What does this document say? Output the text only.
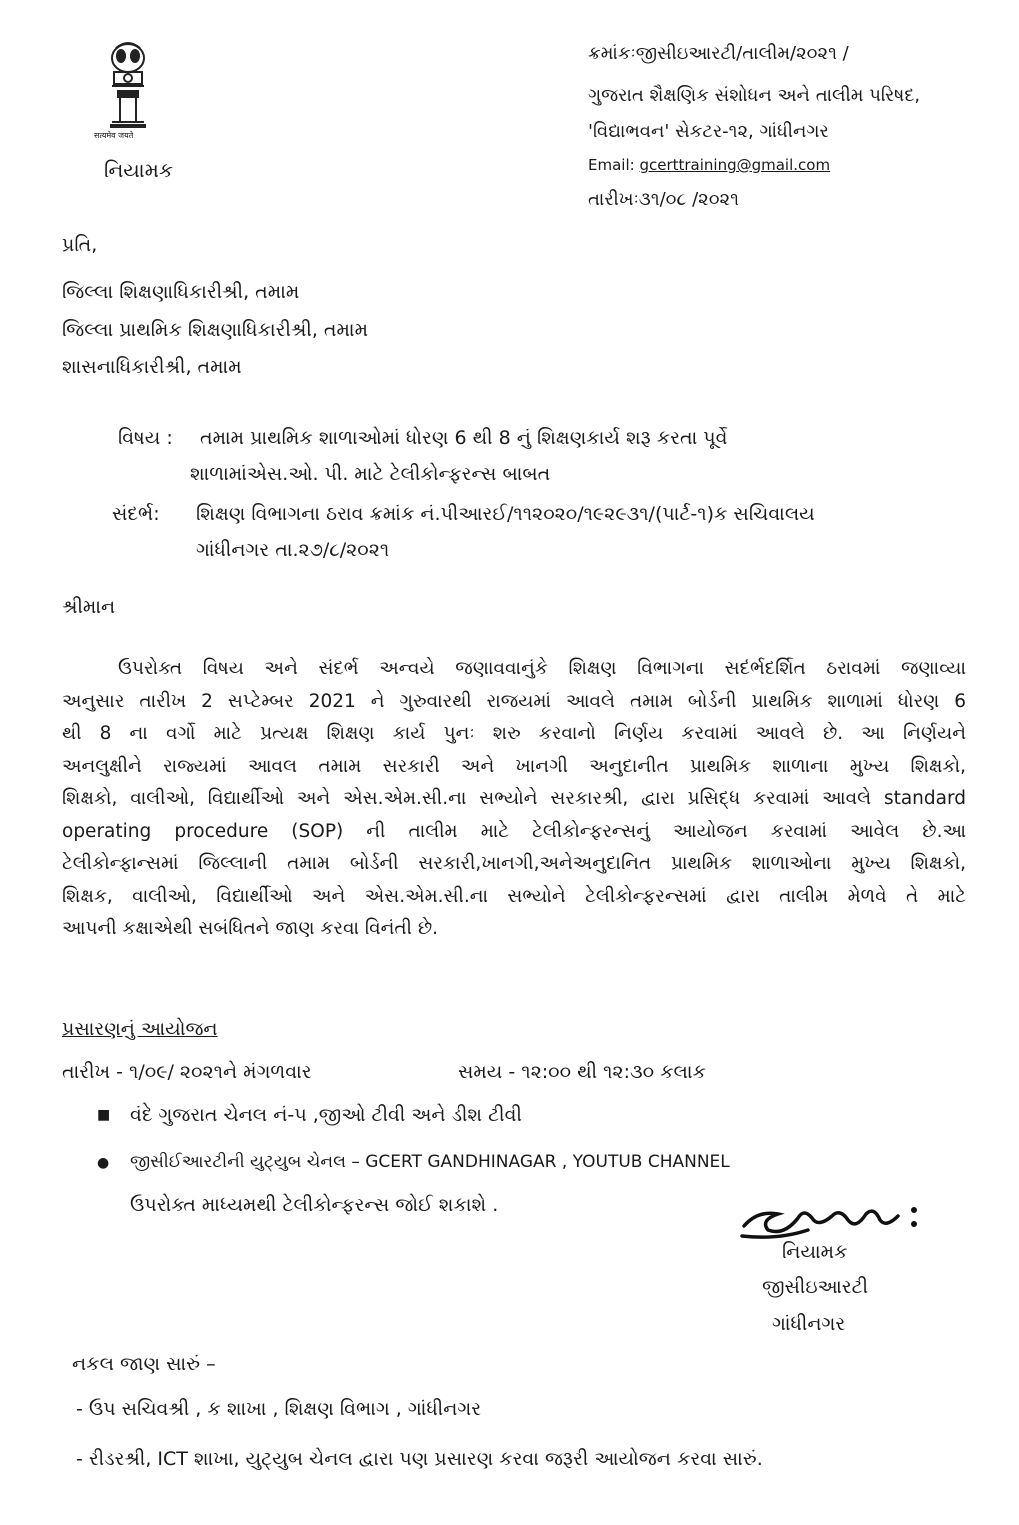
सत्यमेव जयते
નિયામક
ક્રમાંકઃજીસીઇઆરટી/તાલીમ/૨૦૨૧ /
ગુજરાત શૈક્ષણિક સંશોધન અને તાલીમ પરિષદ,
'વિદ્યાભવન' સેકટર-૧૨, ગાંધીનગર
Email: gcerttraining@gmail.com
તારીખઃ૩૧/૦૮ /૨૦૨૧
પ્રતિ,
જિલ્લા શિક્ષણાધિકારીશ્રી, તમામ
જિલ્લા પ્રાથમિક શિક્ષણાધિકારીશ્રી, તમામ
શાસનાધિકારીશ્રી, તમામ
વિષય : તમામ પ્રાથમિક શાળાઓમાં ધોરણ 6 થી 8 નું શિક્ષણકાર્ય શરૂ કરતા પૂર્વે
શાળામાંએસ.ઓ. પી. માટે ટેલીકોન્ફરન્સ બાબત
સંદર્ભ: શિક્ષણ વિભાગના ઠરાવ ક્રમાંક નં.પીઆરઈ/૧૧૨૦૨૦/૧૯૨૯૩૧/(પાર્ટ-૧)ક સચિવાલય
ગાંધીનગર તા.૨૭/૮/૨૦૨૧
શ્રીમાન
ઉપરોક્ત વિષય અને સંદર્ભ અન્વયે જણાવવાનુંકે શિક્ષણ વિભાગના સદંર્ભદર્શિત ઠરાવમાં જણાવ્યા
અનુસાર તારીખ 2 સપ્ટેમ્બર 2021 ને ગુરુવારથી રાજયમાં આવલે તમામ બોર્ડની પ્રાથમિક શાળામાં ધોરણ 6
થી 8 ના વર્ગો માટે પ્રત્યક્ષ શિક્ષણ કાર્ય પુનઃ શરુ કરવાનો નિર્ણય કરવામાં આવલે છે. આ નિર્ણયને
અનલુક્ષીને રાજ્યમાં આવલ તમામ સરકારી અને ખાનગી અનુદાનીત પ્રાથમિક શાળાના મુખ્ય શિક્ષકો,
શિક્ષકો, વાલીઓ, વિદ્યાર્થીઓ અને એસ.એમ.સી.ના સભ્યોને સરકારશ્રી, દ્વારા પ્રસિદ્ધ કરવામાં આવલે standard
operating procedure (SOP) ની તાલીમ માટે ટેલીકોન્ફરન્સનું આયોજન કરવામાં આવેલ છે.આ
ટેલીકોન્ફાન્સમાં જિલ્લાની તમામ બોર્ડની સરકારી,ખાનગી,અનેઅનુદાનિત પ્રાથમિક શાળાઓના મુખ્ય શિક્ષકો,
શિક્ષક, વાલીઓ, વિદ્યાર્થીઓ અને એસ.એમ.સી.ના સભ્યોને ટેલીકોન્ફરન્સમાં દ્વારા તાલીમ મેળવે તે માટે
આપની કક્ષાએથી સબંધિતને જાણ કરવા વિનંતી છે.
પ્રસારણનું આયોજન
તારીખ - ૧/૦૯/ ૨૦૨૧ને મંગળવાર	સમય - ૧૨:૦૦ થી ૧૨:૩૦ કલાક
■ વંદે ગુજરાત ચેનલ નં-૫ ,જીઓ ટીવી અને ડીશ ટીવી
● જીસીઈઆરટીની યુટ્યુબ ચેનલ – GCERT GANDHINAGAR , YOUTUB CHANNEL
ઉપરોક્ત માધ્યમથી ટેલીકોન્ફરન્સ જોઈ શકાશે .
નિયામક
જીસીઇઆરટી
ગાંધીનગર
નકલ જાણ સારું –
- ઉપ સચિવશ્રી , ક શાખા , શિક્ષણ વિભાગ , ગાંધીનગર
- રીડરશ્રી, ICT શાખા, યુટ્યુબ ચેનલ દ્વારા પણ પ્રસારણ કરવા જરૂરી આયોજન કરવા સારું.
